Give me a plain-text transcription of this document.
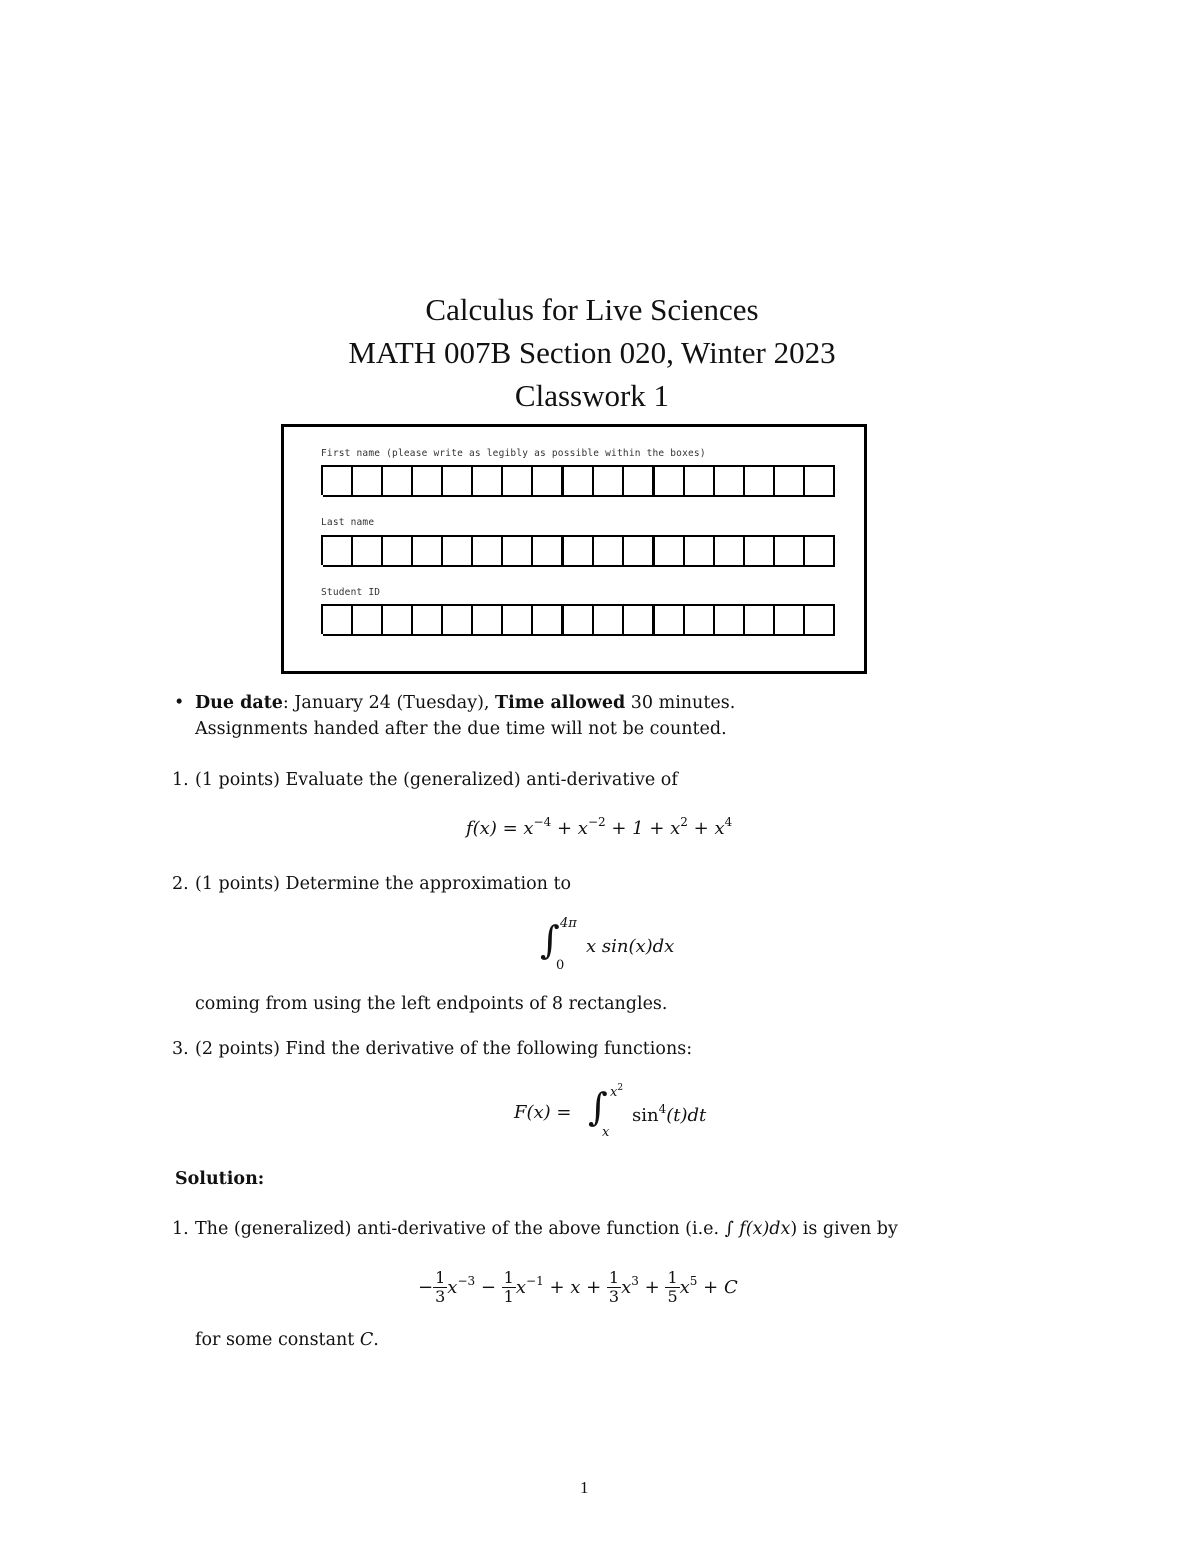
Calculus for Live Sciences
MATH 007B Section 020, Winter 2023
Classwork 1
First name (please write as legibly as possible within the boxes)
Last name
Student ID
• Due date: January 24 (Tuesday), Time allowed 30 minutes.
Assignments handed after the due time will not be counted.
1. (1 points) Evaluate the (generalized) anti-derivative of
$f(x) = x^{-4} + x^{-2} + 1 + x^2 + x^4$
2. (1 points) Determine the approximation to
∫ 4π
0
x sin(x)dx
coming from using the left endpoints of 8 rectangles.
3. (2 points) Find the derivative of the following functions:
F(x) = ∫ $x^2$
x
$\sin^4(t)dt$
Solution:
1. The (generalized) anti-derivative of the above function (i.e. ∫ f(x)dx) is given by
− $\frac{1}{3}$ $x -3 - \frac{1}{1}$ $x -1 + x + \frac{1}{3}$ x $3 + \frac{1}{5}$ x 5 + C
for some constant C.
1
